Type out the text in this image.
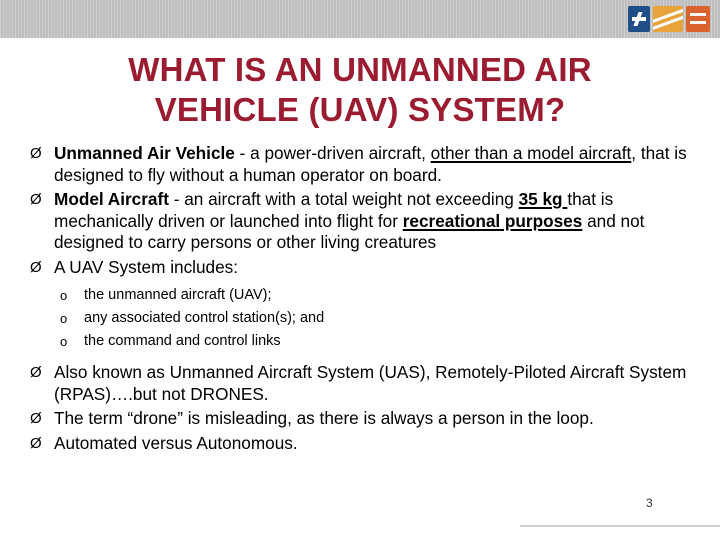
WHAT IS AN UNMANNED AIR VEHICLE (UAV) SYSTEM?
Ø Unmanned Air Vehicle - a power-driven aircraft, other than a model aircraft, that is designed to fly without a human operator on board.
Ø Model Aircraft - an aircraft with a total weight not exceeding 35 kg that is mechanically driven or launched into flight for recreational purposes and not designed to carry persons or other living creatures
Ø A UAV System includes:
o the unmanned aircraft (UAV);
o any associated control station(s); and
o the command and control links
Ø Also known as Unmanned Aircraft System (UAS), Remotely-Piloted Aircraft System (RPAS)….but not DRONES.
Ø The term “drone” is misleading, as there is always a person in the loop.
Ø Automated versus Autonomous.
3
